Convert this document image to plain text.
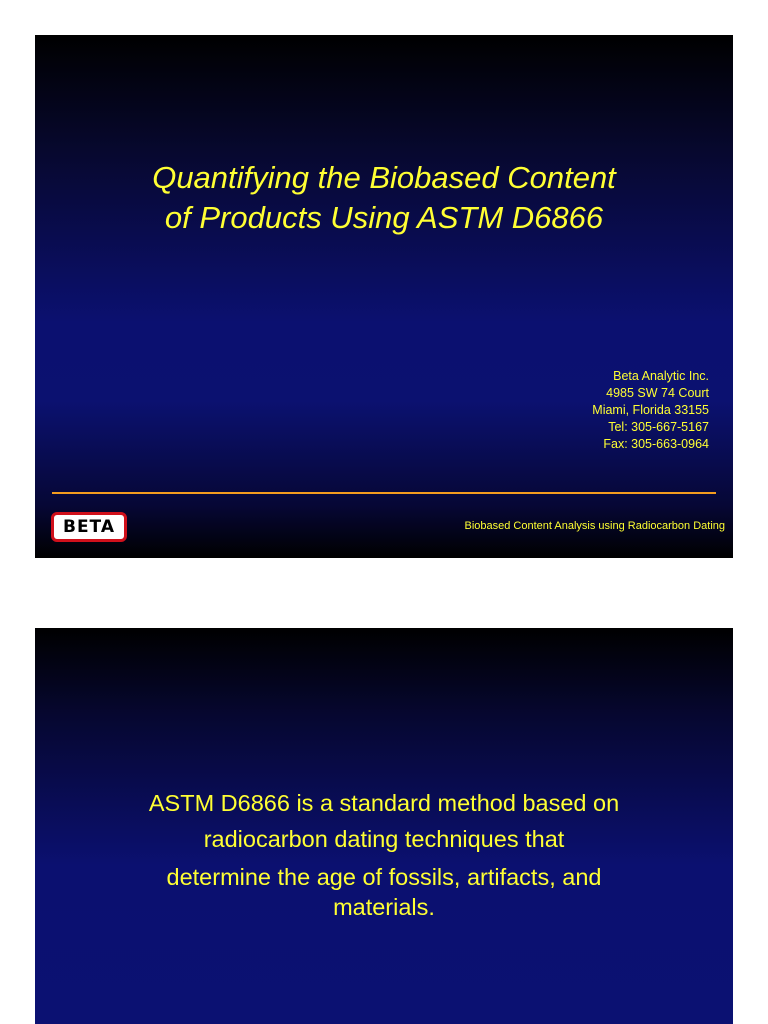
Quantifying the Biobased Content
of Products Using ASTM D6866
Beta Analytic Inc.
4985 SW 74 Court
Miami, Florida 33155
Tel: 305-667-5167
Fax: 305-663-0964
BETA	Biobased Content Analysis using Radiocarbon Dating
ASTM D6866 is a standard method based on
radiocarbon dating techniques that
determine the age of fossils, artifacts, and
materials.
